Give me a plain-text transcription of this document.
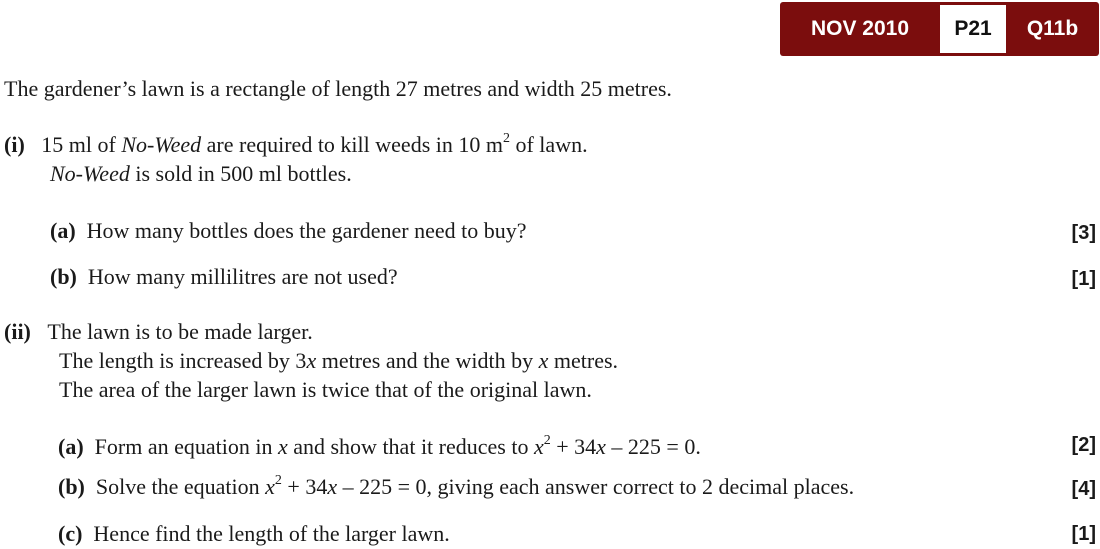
NOV 2010	P21	Q11b
The gardener’s lawn is a rectangle of length 27 metres and width 25 metres.
(i) 15 ml of No-Weed are required to kill weeds in 10 $m^2$ of lawn.
No-Weed is sold in 500 ml bottles.
(a) How many bottles does the gardener need to buy?	[3]
(b) How many millilitres are not used?	[1]
(ii) The lawn is to be made larger.
The length is increased by 3x metres and the width by x metres.
The area of the larger lawn is twice that of the original lawn.
(a) Form an equation in x and show that it reduces to $x^2 + 34x - 225 = 0$.	[2]
(b) Solve the equation $x^2 + 34x - 225 = 0$, giving each answer correct to 2 decimal places.	[4]
(c) Hence find the length of the larger lawn.	[1]
